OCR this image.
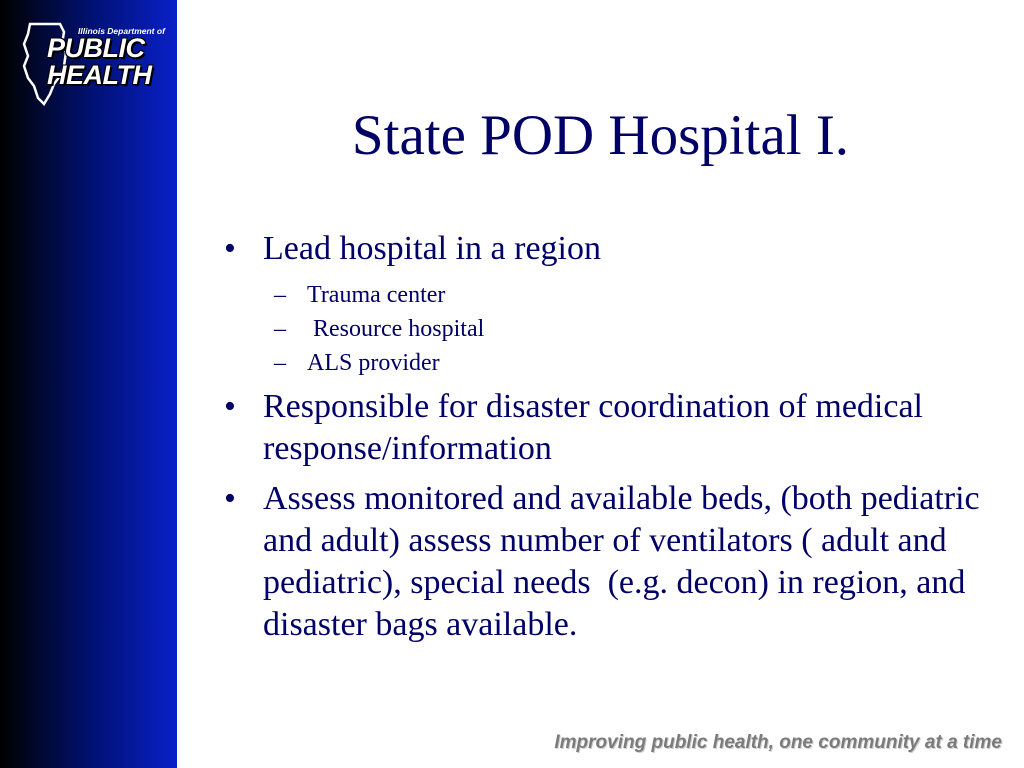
Illinois Department of
PUBLIC
HEALTH
State POD Hospital I.
• Lead hospital in a region
– Trauma center
– Resource hospital
– ALS provider
• Responsible for disaster coordination of medical response/information
• Assess monitored and available beds, (both pediatric and adult) assess number of ventilators ( adult and pediatric), special needs  (e.g. decon) in region, and disaster bags available.
Improving public health, one community at a time
